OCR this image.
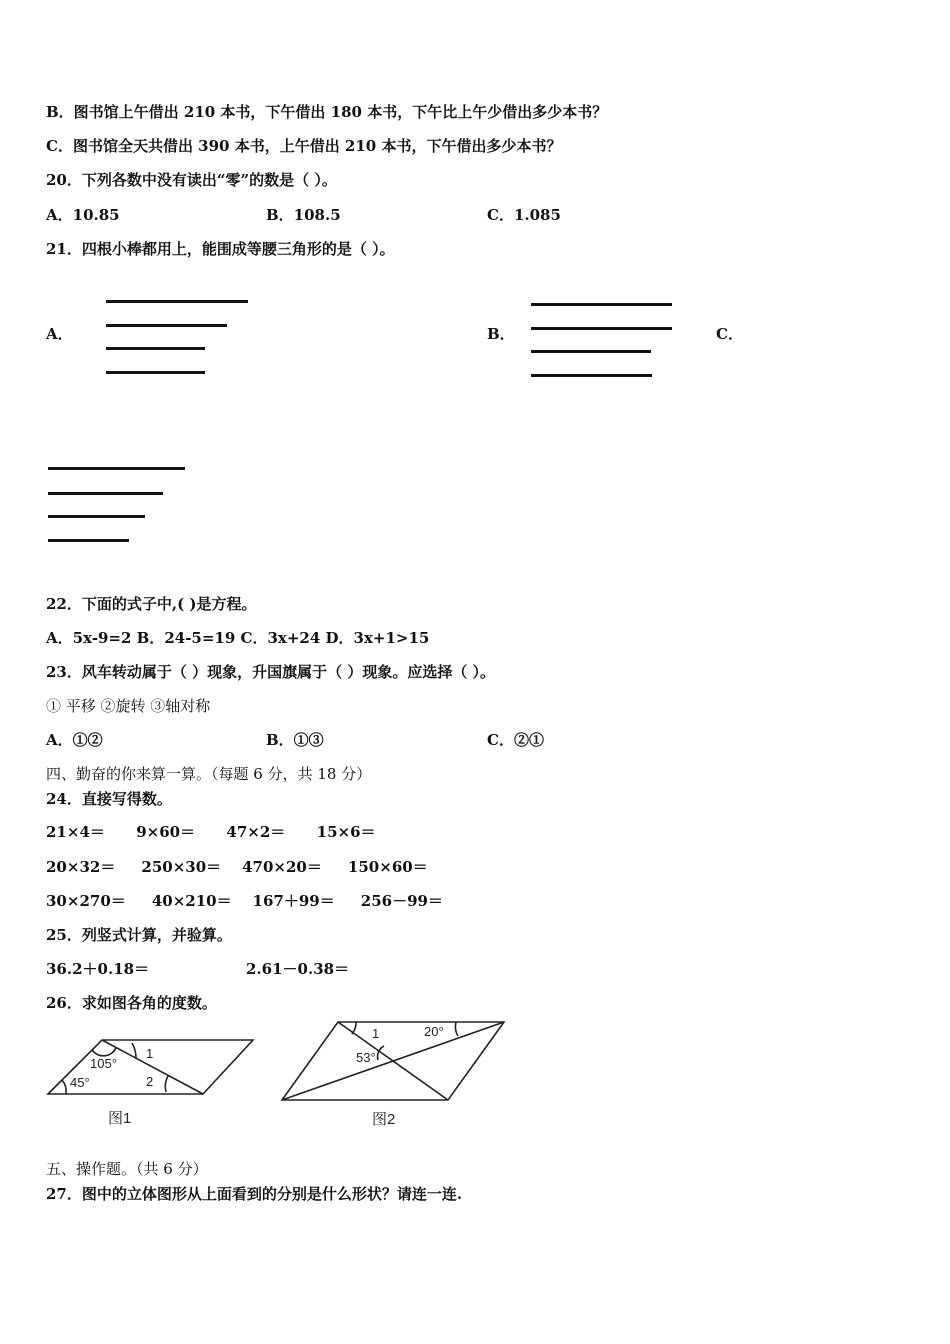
B．图书馆上午借出 210 本书，下午借出 180 本书，下午比上午少借出多少本书？
C．图书馆全天共借出 390 本书，上午借出 210 本书，下午借出多少本书？
20．下列各数中没有读出“零”的数是（ ）。
A．10.85	B．108.5	C．1.085
21．四根小棒都用上，能围成等腰三角形的是（ ）。
A．	B．	C．
22．下面的式子中,( )是方程。
A．5x-9=2 B．24-5=19 C．3x+24 D．3x+1>15
23．风车转动属于（ ）现象，升国旗属于（ ）现象。应选择（ ）。
① 平移 ②旋转 ③轴对称
A．①②	B．①③	C．②①
四、勤奋的你来算一算。（每题 6 分，共 18 分）
24．直接写得数。
21×4＝      9×60＝      47×2＝      15×6＝
20×32＝     250×30＝    470×20＝     150×60＝
30×270＝     40×210＝    167＋99＝     256－99＝
25．列竖式计算，并验算。
36.2＋0.18＝	2.61－0.38＝
26．求如图各角的度数。
105°
45°
1
2
图1
1	20°
53°
图2
五、操作题。（共 6 分）
27．图中的立体图形从上面看到的分别是什么形状？请连一连.
